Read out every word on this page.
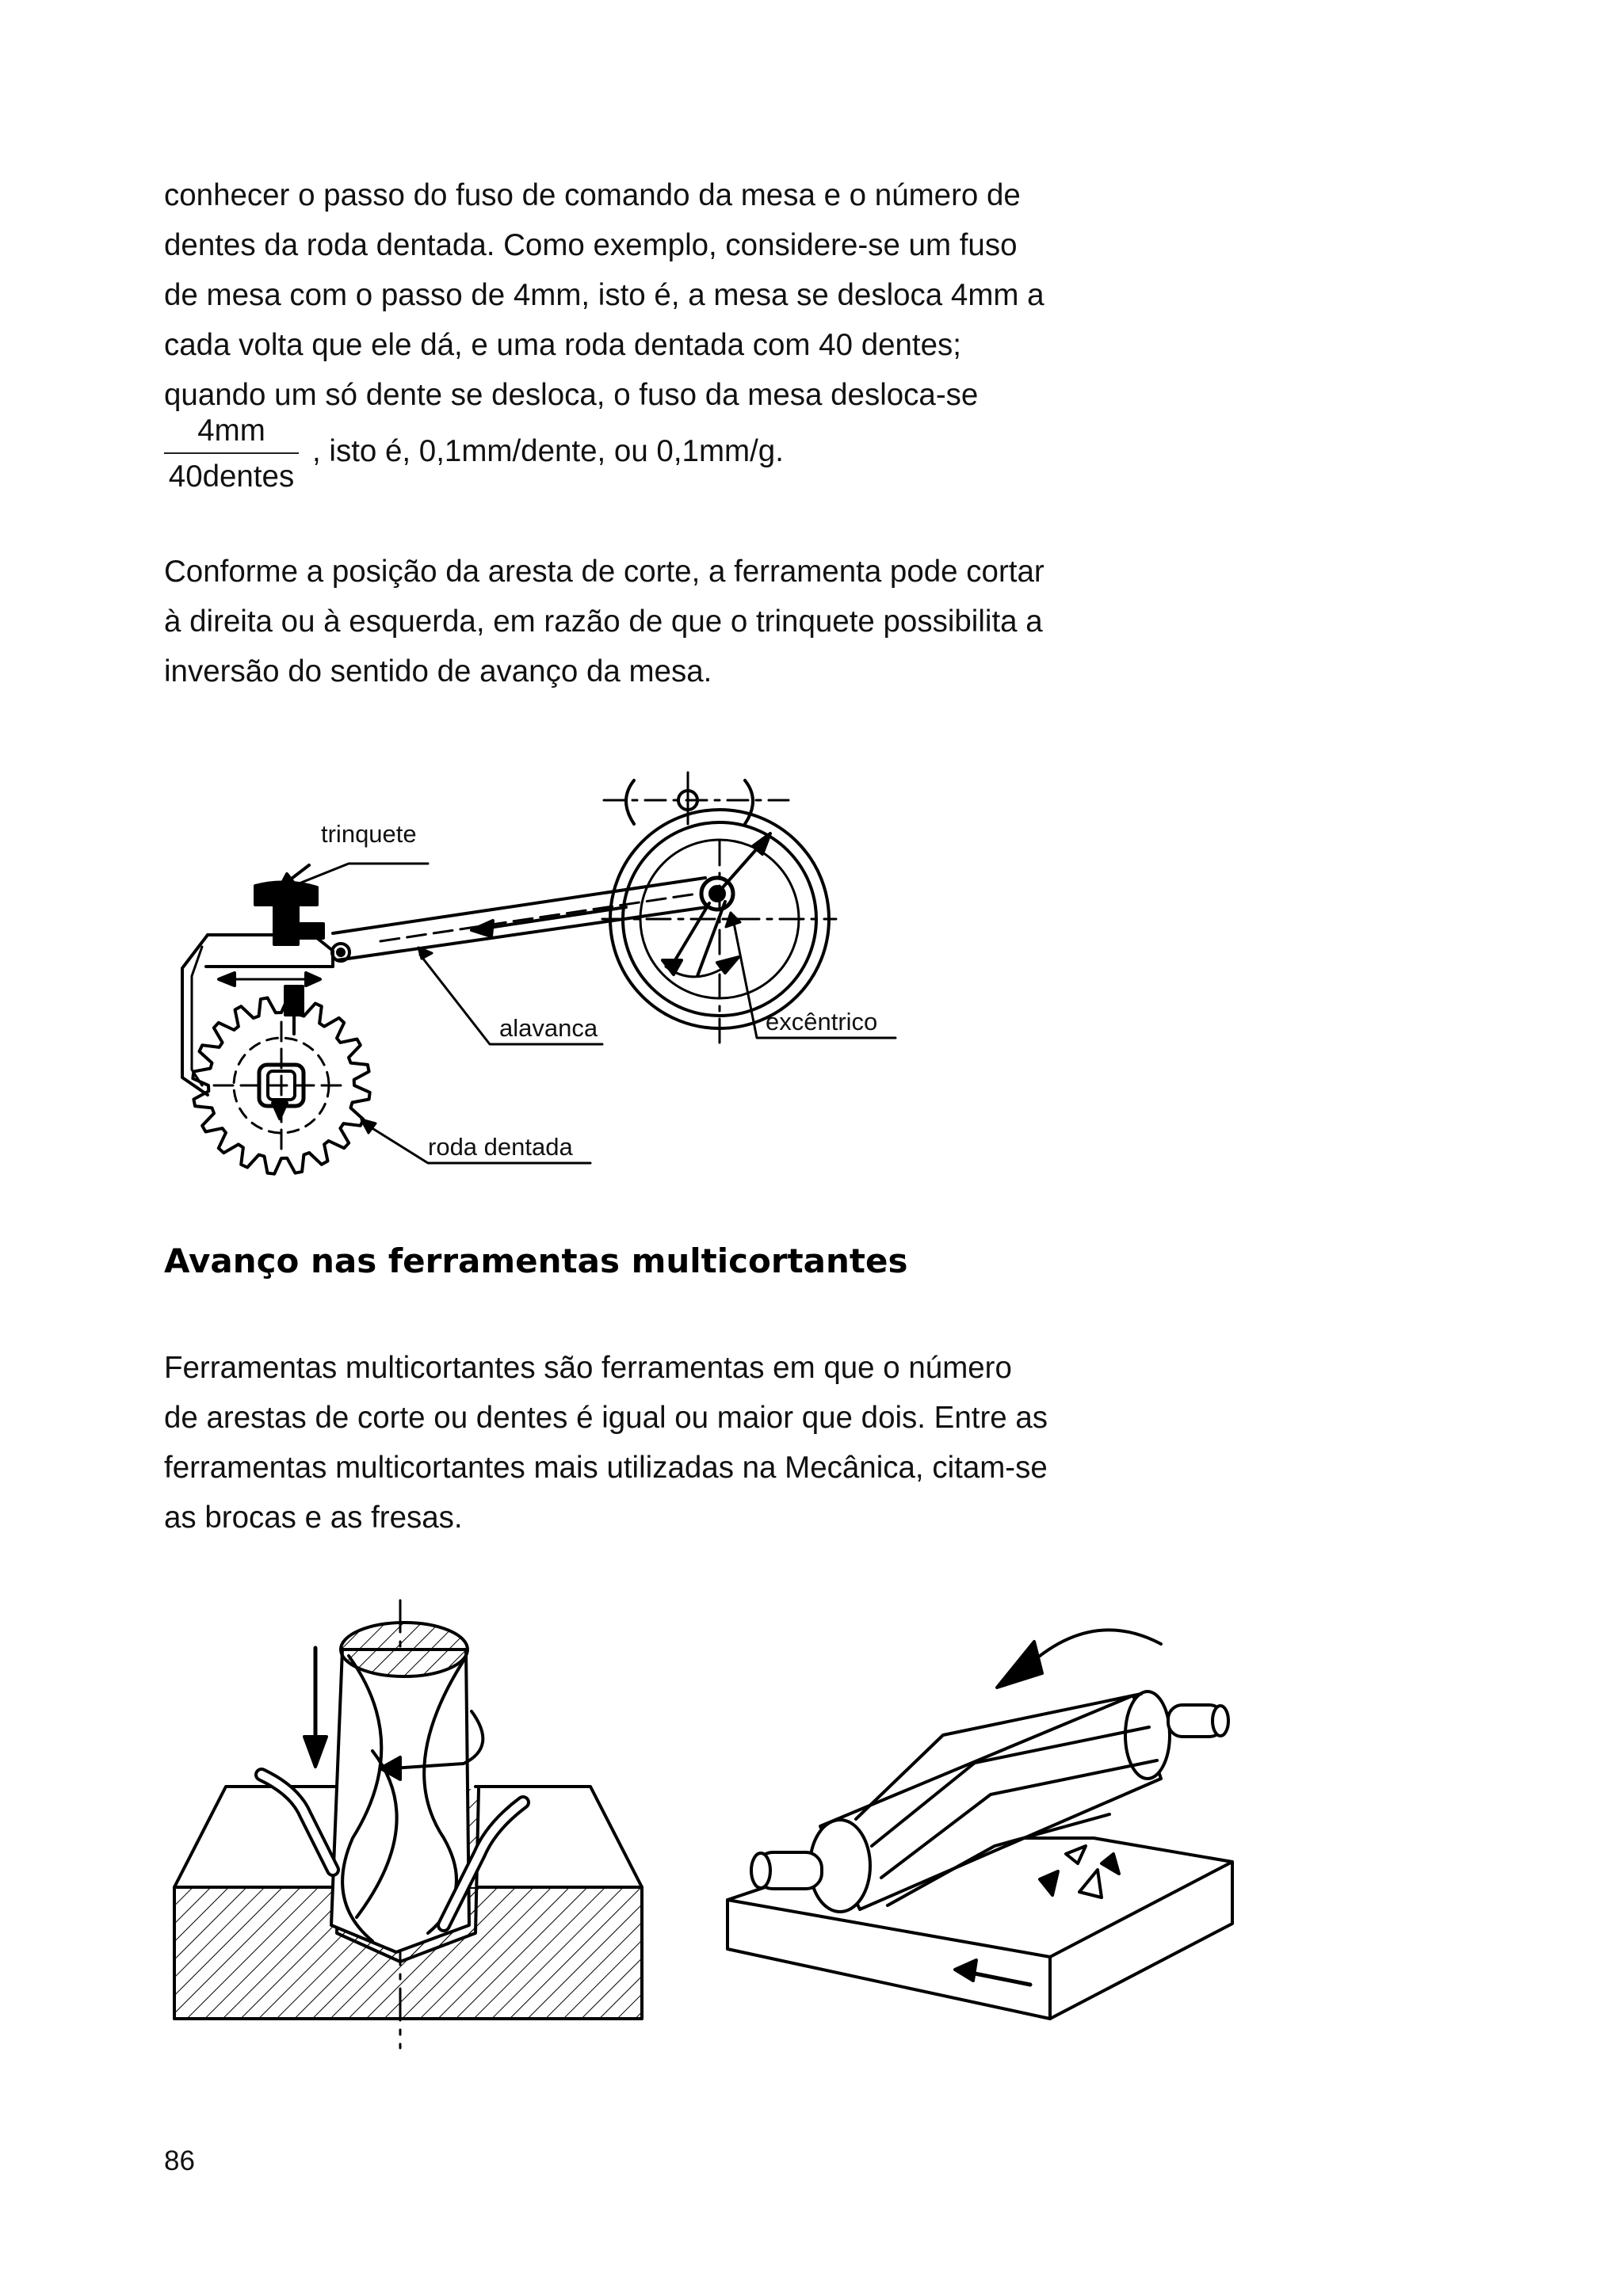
conhecer o passo do fuso de comando da mesa e o número de
dentes da roda dentada. Como exemplo, considere-se um fuso
de mesa com o passo de 4mm, isto é, a mesa se desloca 4mm a
cada volta que ele dá, e uma roda dentada com 40 dentes;
quando um só dente se desloca, o fuso da mesa desloca-se
4mm
40dentes
, isto é, 0,1mm/dente, ou 0,1mm/g.
Conforme a posição da aresta de corte, a ferramenta pode cortar
à direita ou à esquerda, em razão de que o trinquete possibilita a
inversão do sentido de avanço da mesa.
trinquete
alavanca	excêntrico
roda dentada
Avanço nas ferramentas multicortantes
Ferramentas multicortantes são ferramentas em que o número
de arestas de corte ou dentes é igual ou maior que dois. Entre as
ferramentas multicortantes mais utilizadas na Mecânica, citam-se
as brocas e as fresas.
86
